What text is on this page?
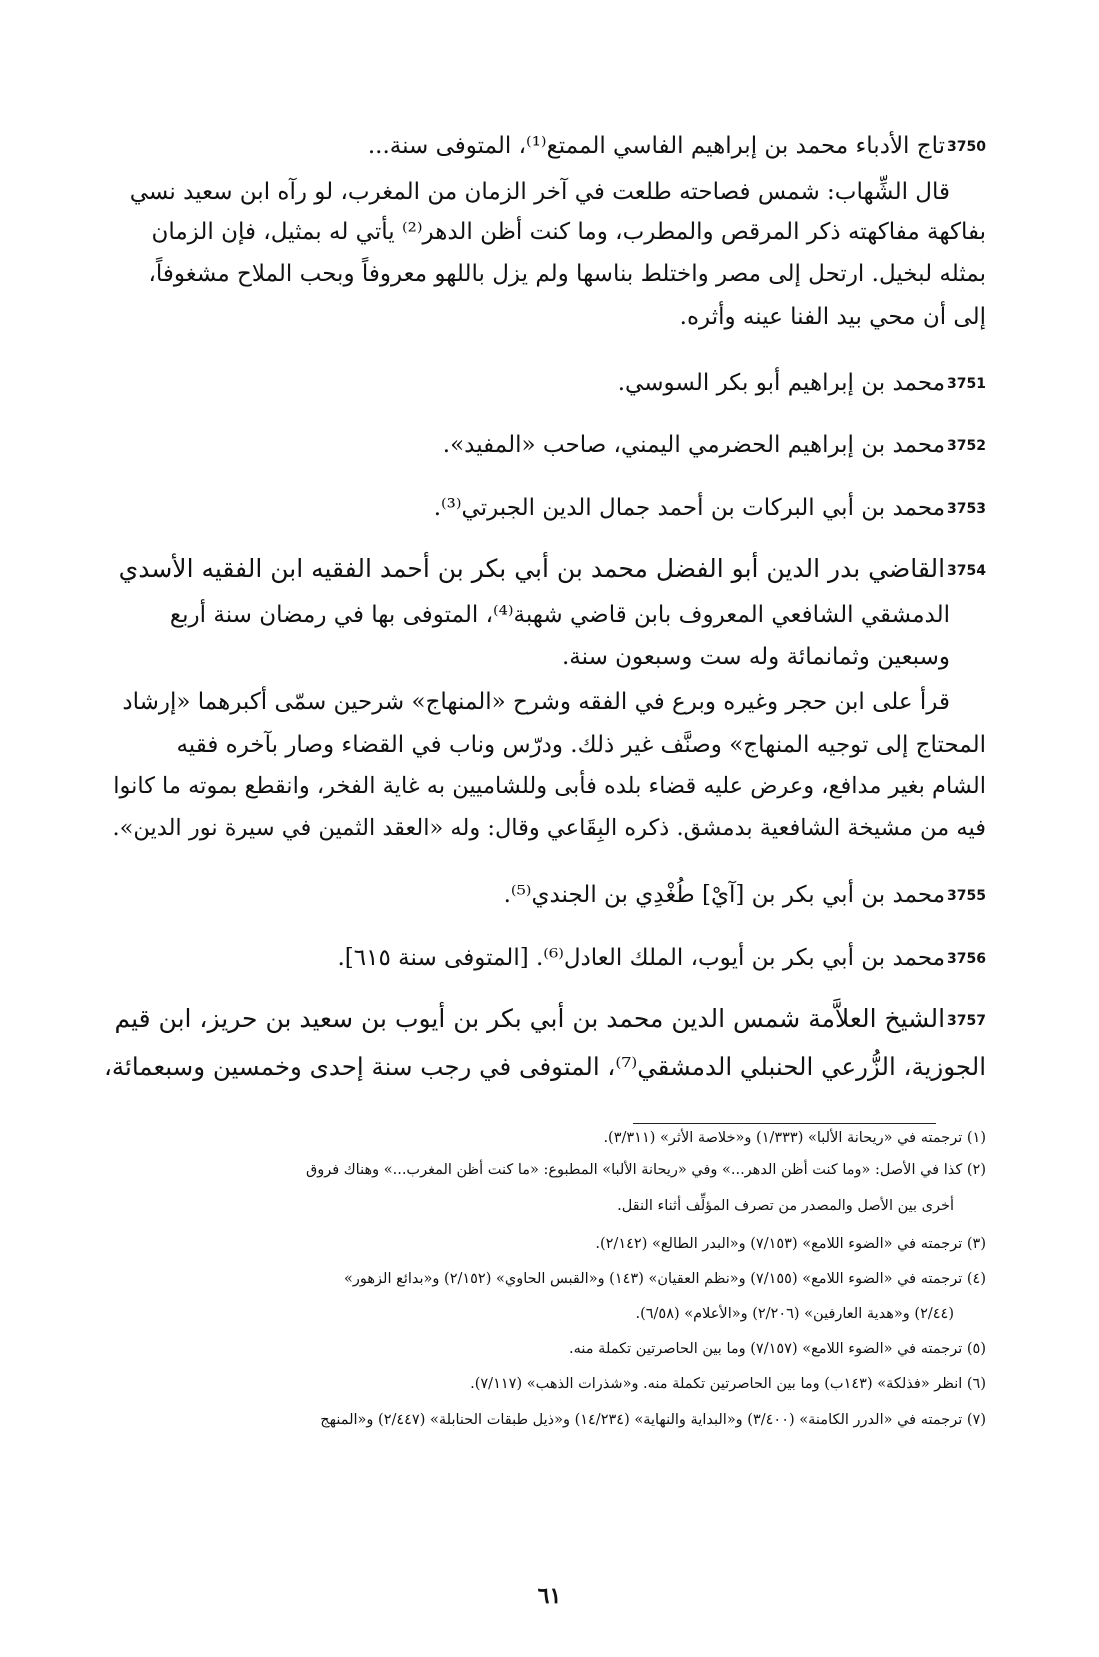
3750تاج الأدباء محمد بن إبراهيم الفاسي الممتع⁽¹⁾، المتوفى سنة...
قال الشِّهاب: شمس فصاحته طلعت في آخر الزمان من المغرب، لو رآه ابن سعيد نسي
بفاكهة مفاكهته ذكر المرقص والمطرب، وما كنت أظن الدهر⁽²⁾ يأتي له بمثيل، فإن الزمان
بمثله لبخيل. ارتحل إلى مصر واختلط بناسها ولم يزل باللهو معروفاً وبحب الملاح مشغوفاً،
إلى أن محي بيد الفنا عينه وأثره.
3751محمد بن إبراهيم أبو بكر السوسي.
3752محمد بن إبراهيم الحضرمي اليمني، صاحب «المفيد».
3753محمد بن أبي البركات بن أحمد جمال الدين الجبرتي⁽³⁾.
3754القاضي بدر الدين أبو الفضل محمد بن أبي بكر بن أحمد الفقيه ابن الفقيه الأسدي
الدمشقي الشافعي المعروف بابن قاضي شهبة⁽⁴⁾، المتوفى بها في رمضان سنة أربع
وسبعين وثمانمائة وله ست وسبعون سنة.
قرأ على ابن حجر وغيره وبرع في الفقه وشرح «المنهاج» شرحين سمّى أكبرهما «إرشاد
المحتاج إلى توجيه المنهاج» وصنَّف غير ذلك. ودرّس وناب في القضاء وصار بآخره فقيه
الشام بغير مدافع، وعرض عليه قضاء بلده فأبى وللشاميين به غاية الفخر، وانقطع بموته ما كانوا
فيه من مشيخة الشافعية بدمشق. ذكره البِقَاعي وقال: وله «العقد الثمين في سيرة نور الدين».
3755محمد بن أبي بكر بن [آيْ] طُغْدِي بن الجندي⁽⁵⁾.
3756محمد بن أبي بكر بن أيوب، الملك العادل⁽⁶⁾. [المتوفى سنة ٦١٥].
3757الشيخ العلاَّمة شمس الدين محمد بن أبي بكر بن أيوب بن سعيد بن حريز، ابن قيم
الجوزية، الزُّرعي الحنبلي الدمشقي⁽⁷⁾، المتوفى في رجب سنة إحدى وخمسين وسبعمائة،
(١) ترجمته في «ريحانة الألبا» (١/٣٣٣) و«خلاصة الأثر» (٣/٣١١).
(٢) كذا في الأصل: «وما كنت أظن الدهر...» وفي «ريحانة الألبا» المطبوع: «ما كنت أظن المغرب...» وهناك فروق
أخرى بين الأصل والمصدر من تصرف المؤلِّف أثناء النقل.
(٣) ترجمته في «الضوء اللامع» (٧/١٥٣) و«البدر الطالع» (٢/١٤٢).
(٤) ترجمته في «الضوء اللامع» (٧/١٥٥) و«نظم العقيان» (١٤٣) و«القبس الحاوي» (٢/١٥٢) و«بدائع الزهور»
(٢/٤٤) و«هدية العارفين» (٢/٢٠٦) و«الأعلام» (٦/٥٨).
(٥) ترجمته في «الضوء اللامع» (٧/١٥٧) وما بين الحاصرتين تكملة منه.
(٦) انظر «فذلكة» (١٤٣ب) وما بين الحاصرتين تكملة منه. و«شذرات الذهب» (٧/١١٧).
(٧) ترجمته في «الدرر الكامنة» (٣/٤٠٠) و«البداية والنهاية» (١٤/٢٣٤) و«ذيل طبقات الحنابلة» (٢/٤٤٧) و«المنهج
٦١
